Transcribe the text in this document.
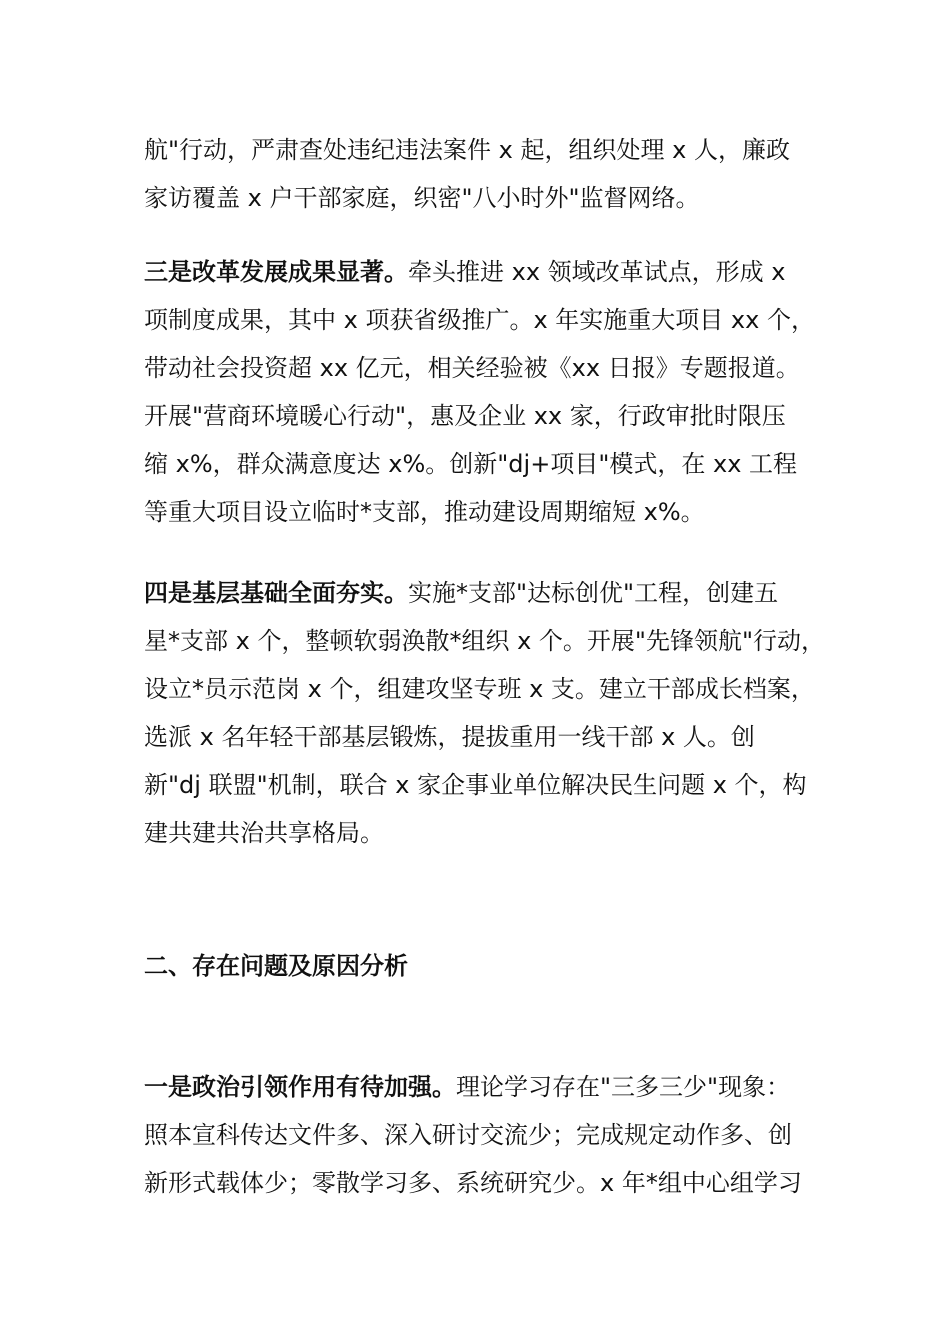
航"行动，严肃查处违纪违法案件 x 起，组织处理 x 人，廉政
家访覆盖 x 户干部家庭，织密"八小时外"监督网络。
三是改革发展成果显著。牵头推进 xx 领域改革试点，形成 x
项制度成果，其中 x 项获省级推广。x 年实施重大项目 xx 个，
带动社会投资超 xx 亿元，相关经验被《xx 日报》专题报道。
开展"营商环境暖心行动"，惠及企业 xx 家，行政审批时限压
缩 x%，群众满意度达 x%。创新"dj+项目"模式，在 xx 工程
等重大项目设立临时*支部，推动建设周期缩短 x%。
四是基层基础全面夯实。实施*支部"达标创优"工程，创建五
星*支部 x 个，整顿软弱涣散*组织 x 个。开展"先锋领航"行动，
设立*员示范岗 x 个，组建攻坚专班 x 支。建立干部成长档案，
选派 x 名年轻干部基层锻炼，提拔重用一线干部 x 人。创
新"dj 联盟"机制，联合 x 家企事业单位解决民生问题 x 个，构
建共建共治共享格局。
二、存在问题及原因分析
一是政治引领作用有待加强。理论学习存在"三多三少"现象：
照本宣科传达文件多、深入研讨交流少；完成规定动作多、创
新形式载体少；零散学习多、系统研究少。x 年*组中心组学习
